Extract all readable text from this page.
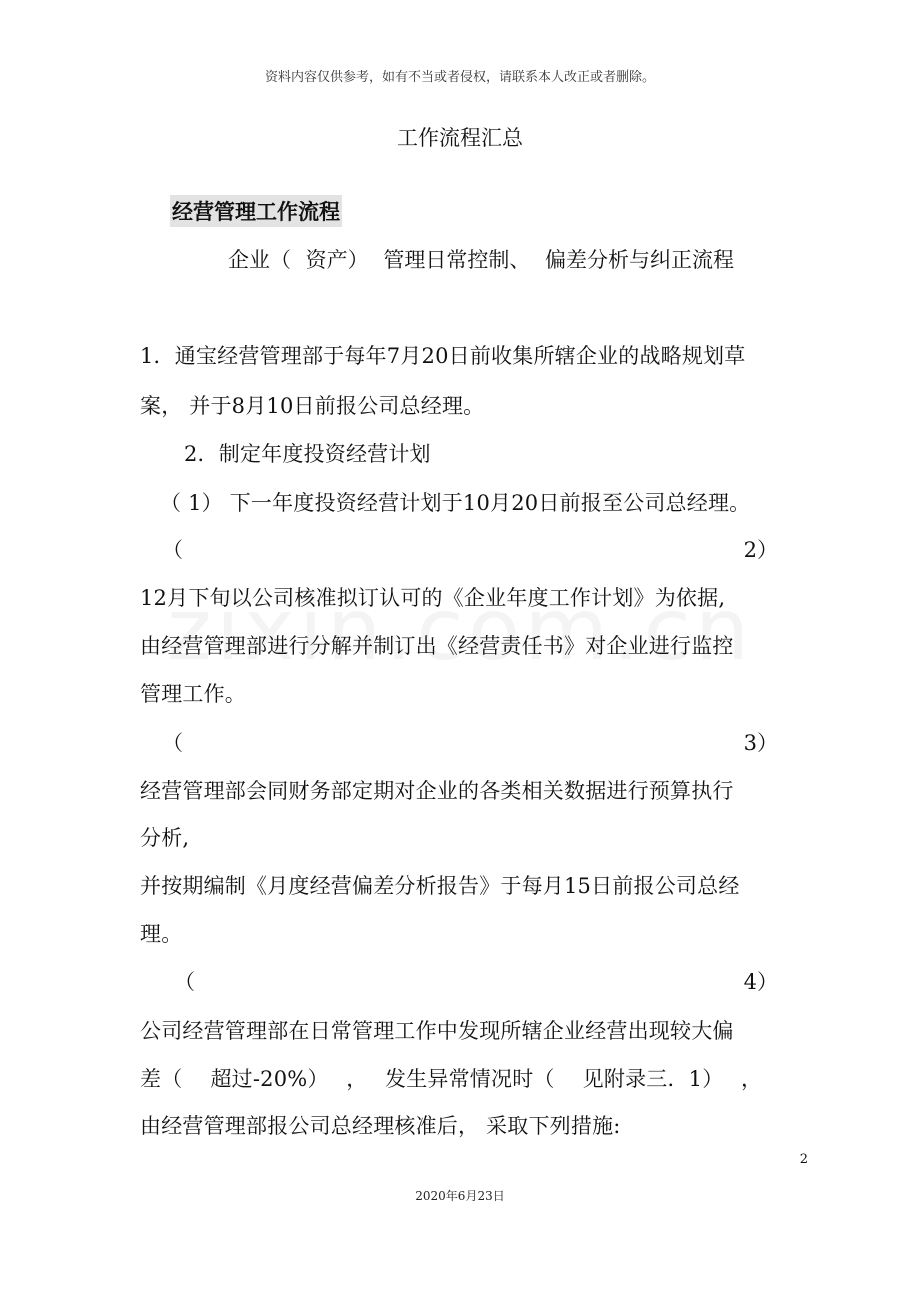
资料内容仅供参考，如有不当或者侵权，请联系本人改正或者删除。
工作流程汇总
经营管理工作流程
企业（ 资产） 管理日常控制、 偏差分析与纠正流程
1．通宝经营管理部于每年7月20日前收集所辖企业的战略规划草
案， 并于8月10日前报公司总经理。
2．制定年度投资经营计划
（ 1） 下一年度投资经营计划于10月20日前报至公司总经理。
（	2）
12月下旬以公司核准拟订认可的《企业年度工作计划》为依据,
由经营管理部进行分解并制订出《经营责任书》对企业进行监控
管理工作。
（	3）
经营管理部会同财务部定期对企业的各类相关数据进行预算执行
分析,
并按期编制《月度经营偏差分析报告》于每月15日前报公司总经
理。
（	4）
公司经营管理部在日常管理工作中发现所辖企业经营出现较大偏
差（　 超过-20%）　 ，　 发生异常情况时（　 见附录三．1）　 ，
由经营管理部报公司总经理核准后， 采取下列措施:
2
2020年6月23日
